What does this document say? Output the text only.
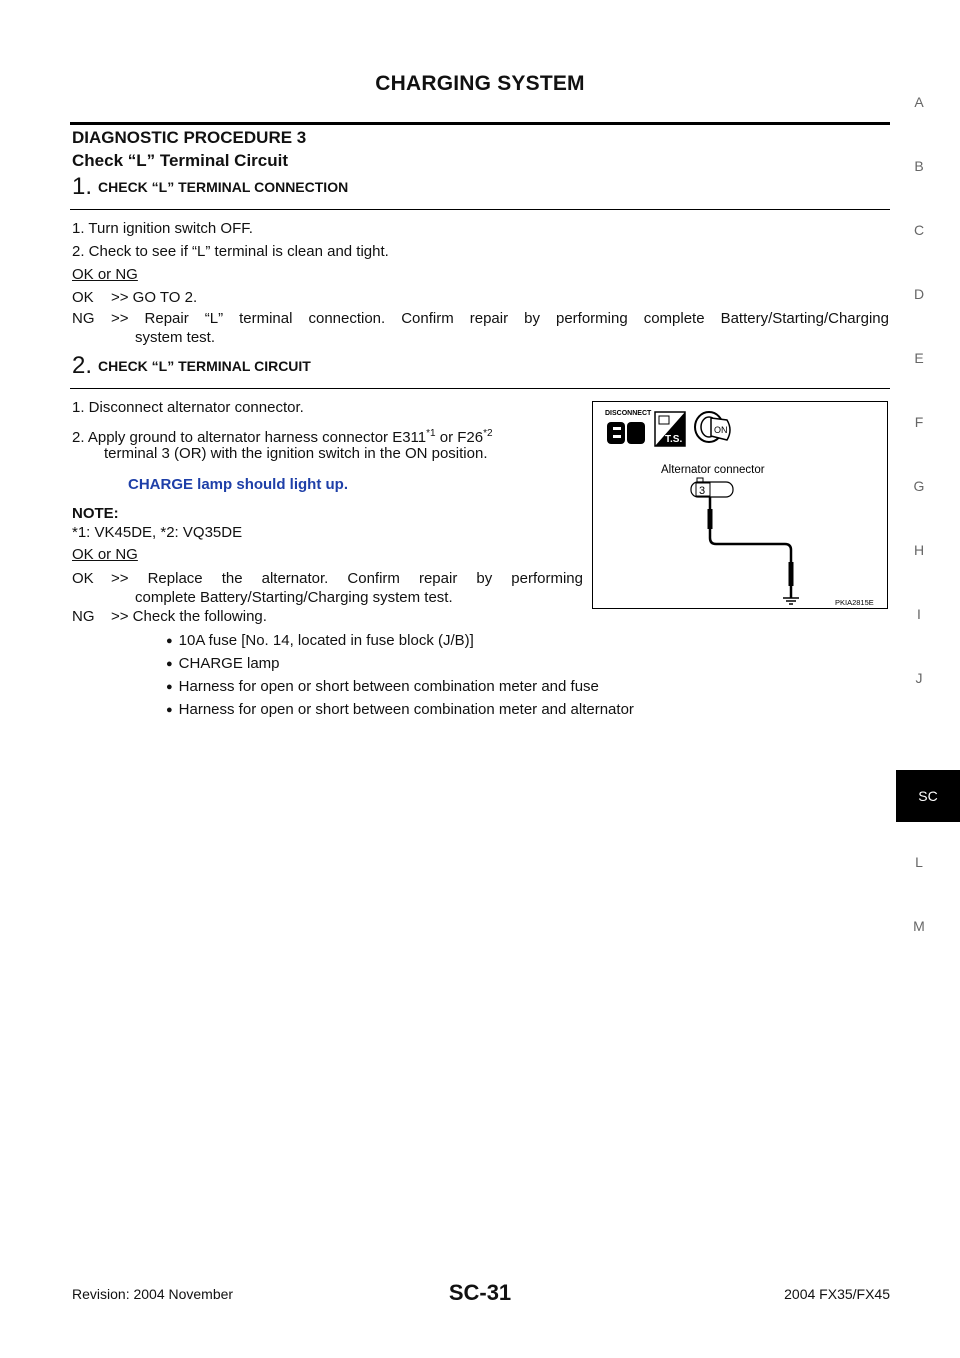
CHARGING SYSTEM
DIAGNOSTIC PROCEDURE 3
Check “L” Terminal Circuit
1. CHECK “L” TERMINAL CONNECTION
1. Turn ignition switch OFF.
2. Check to see if “L” terminal is clean and tight.
OK or NG
OK >> GO TO 2.
NG >> Repair “L” terminal connection. Confirm repair by performing complete Battery/Starting/Charging
system test.
2. CHECK “L” TERMINAL CIRCUIT
1. Disconnect alternator connector.
2. Apply ground to alternator harness connector E311$^{*1}$ or F26$^{*2}$
terminal 3 (OR) with the ignition switch in the ON position.
CHARGE lamp should light up.
NOTE:
*1: VK45DE, *2: VQ35DE
OK or NG
OK >> Replace the alternator. Confirm repair by performing
complete Battery/Starting/Charging system test.
NG >> Check the following.
● 10A fuse [No. 14, located in fuse block (J/B)]
● CHARGE lamp
● Harness for open or short between combination meter and fuse
● Harness for open or short between combination meter and alternator
DISCONNECT
T.S.
ON
Alternator connector
3
PKIA2815E
A
B
C
D
E
F
G
H
I
J
SC
L
M
Revision: 2004 November	SC-31	2004 FX35/FX45
